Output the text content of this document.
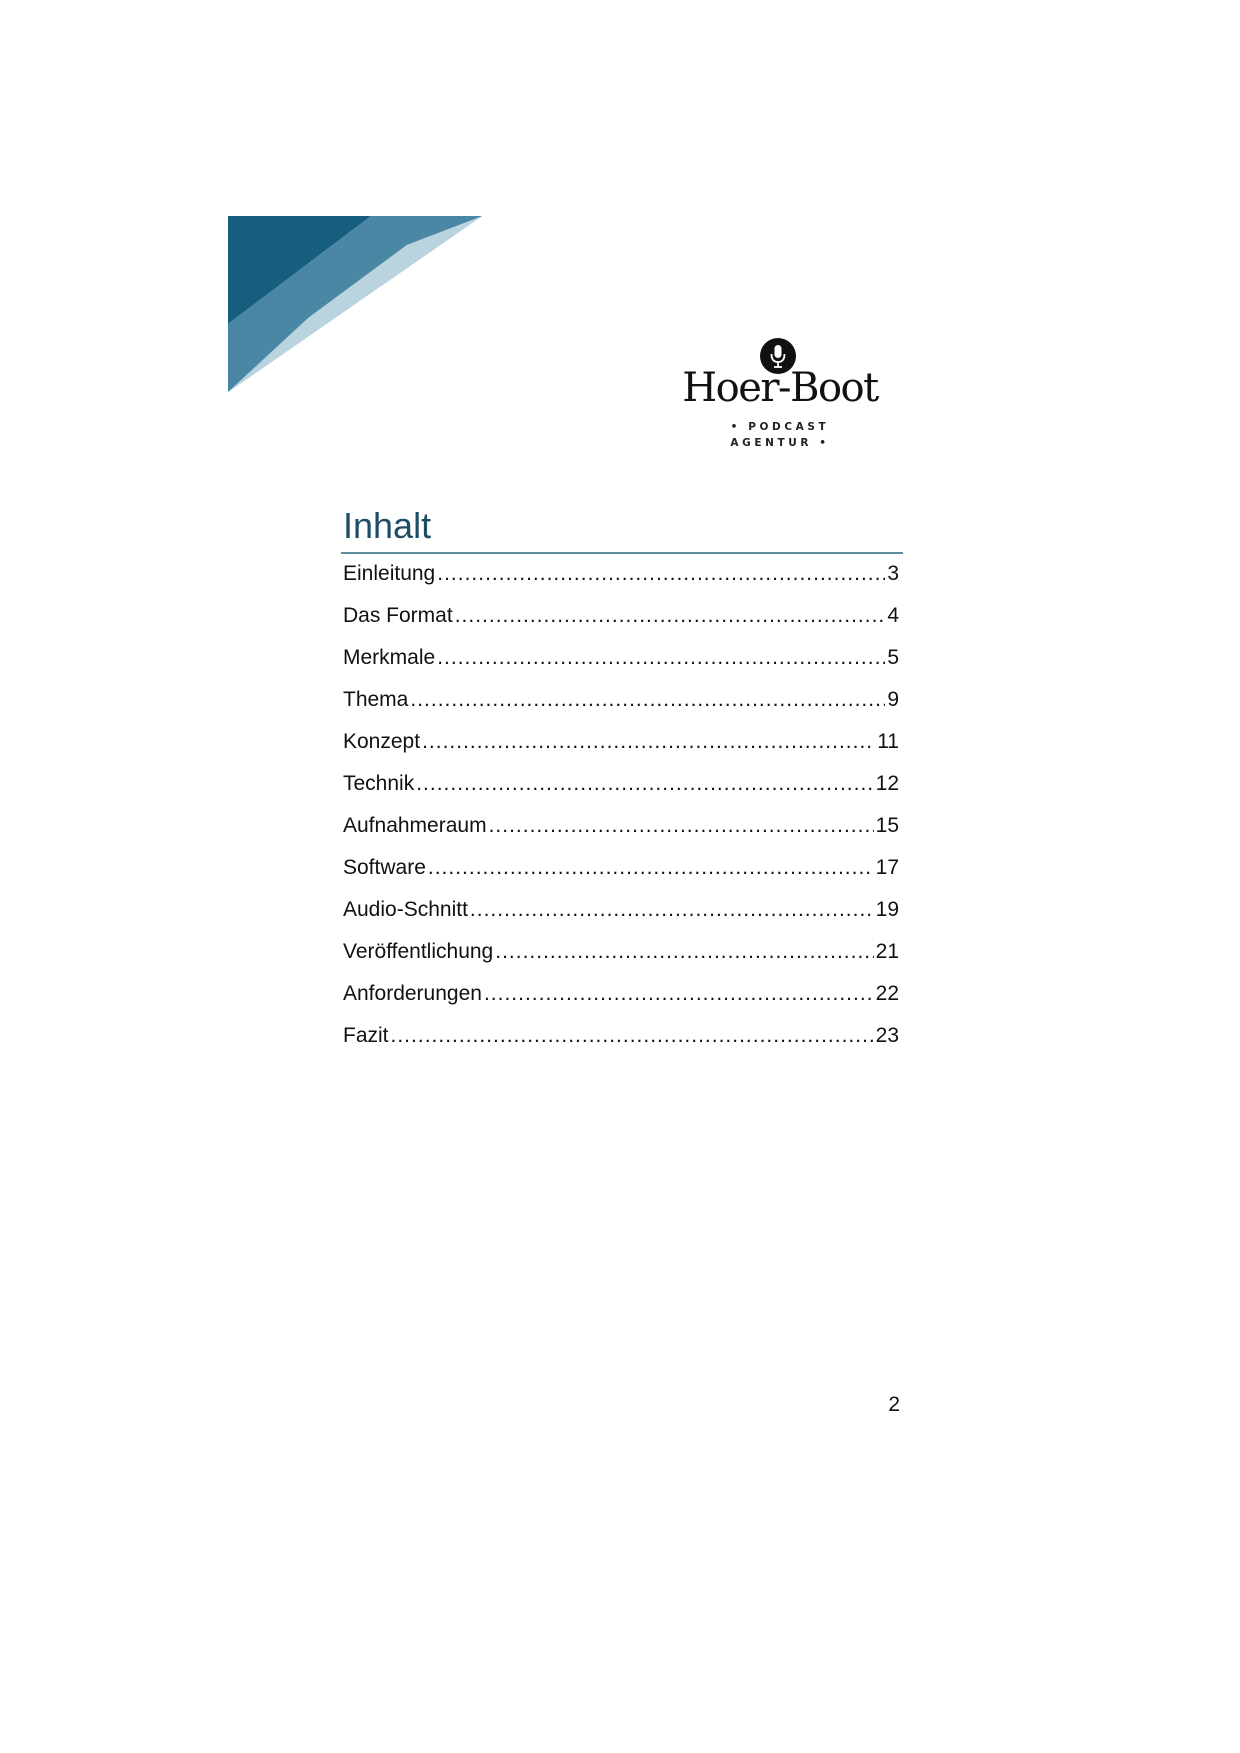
Hoer-Boot
• PODCAST
AGENTUR •
Inhalt
Einleitung .....	3
Das Format .....	4
Merkmale .....	5
Thema .....	9
Konzept .....	11
Technik .....	12
Aufnahmeraum .....	15
Software .....	17
Audio-Schnitt .....	19
Veröffentlichung .....	21
Anforderungen .....	22
Fazit .....	23
2
